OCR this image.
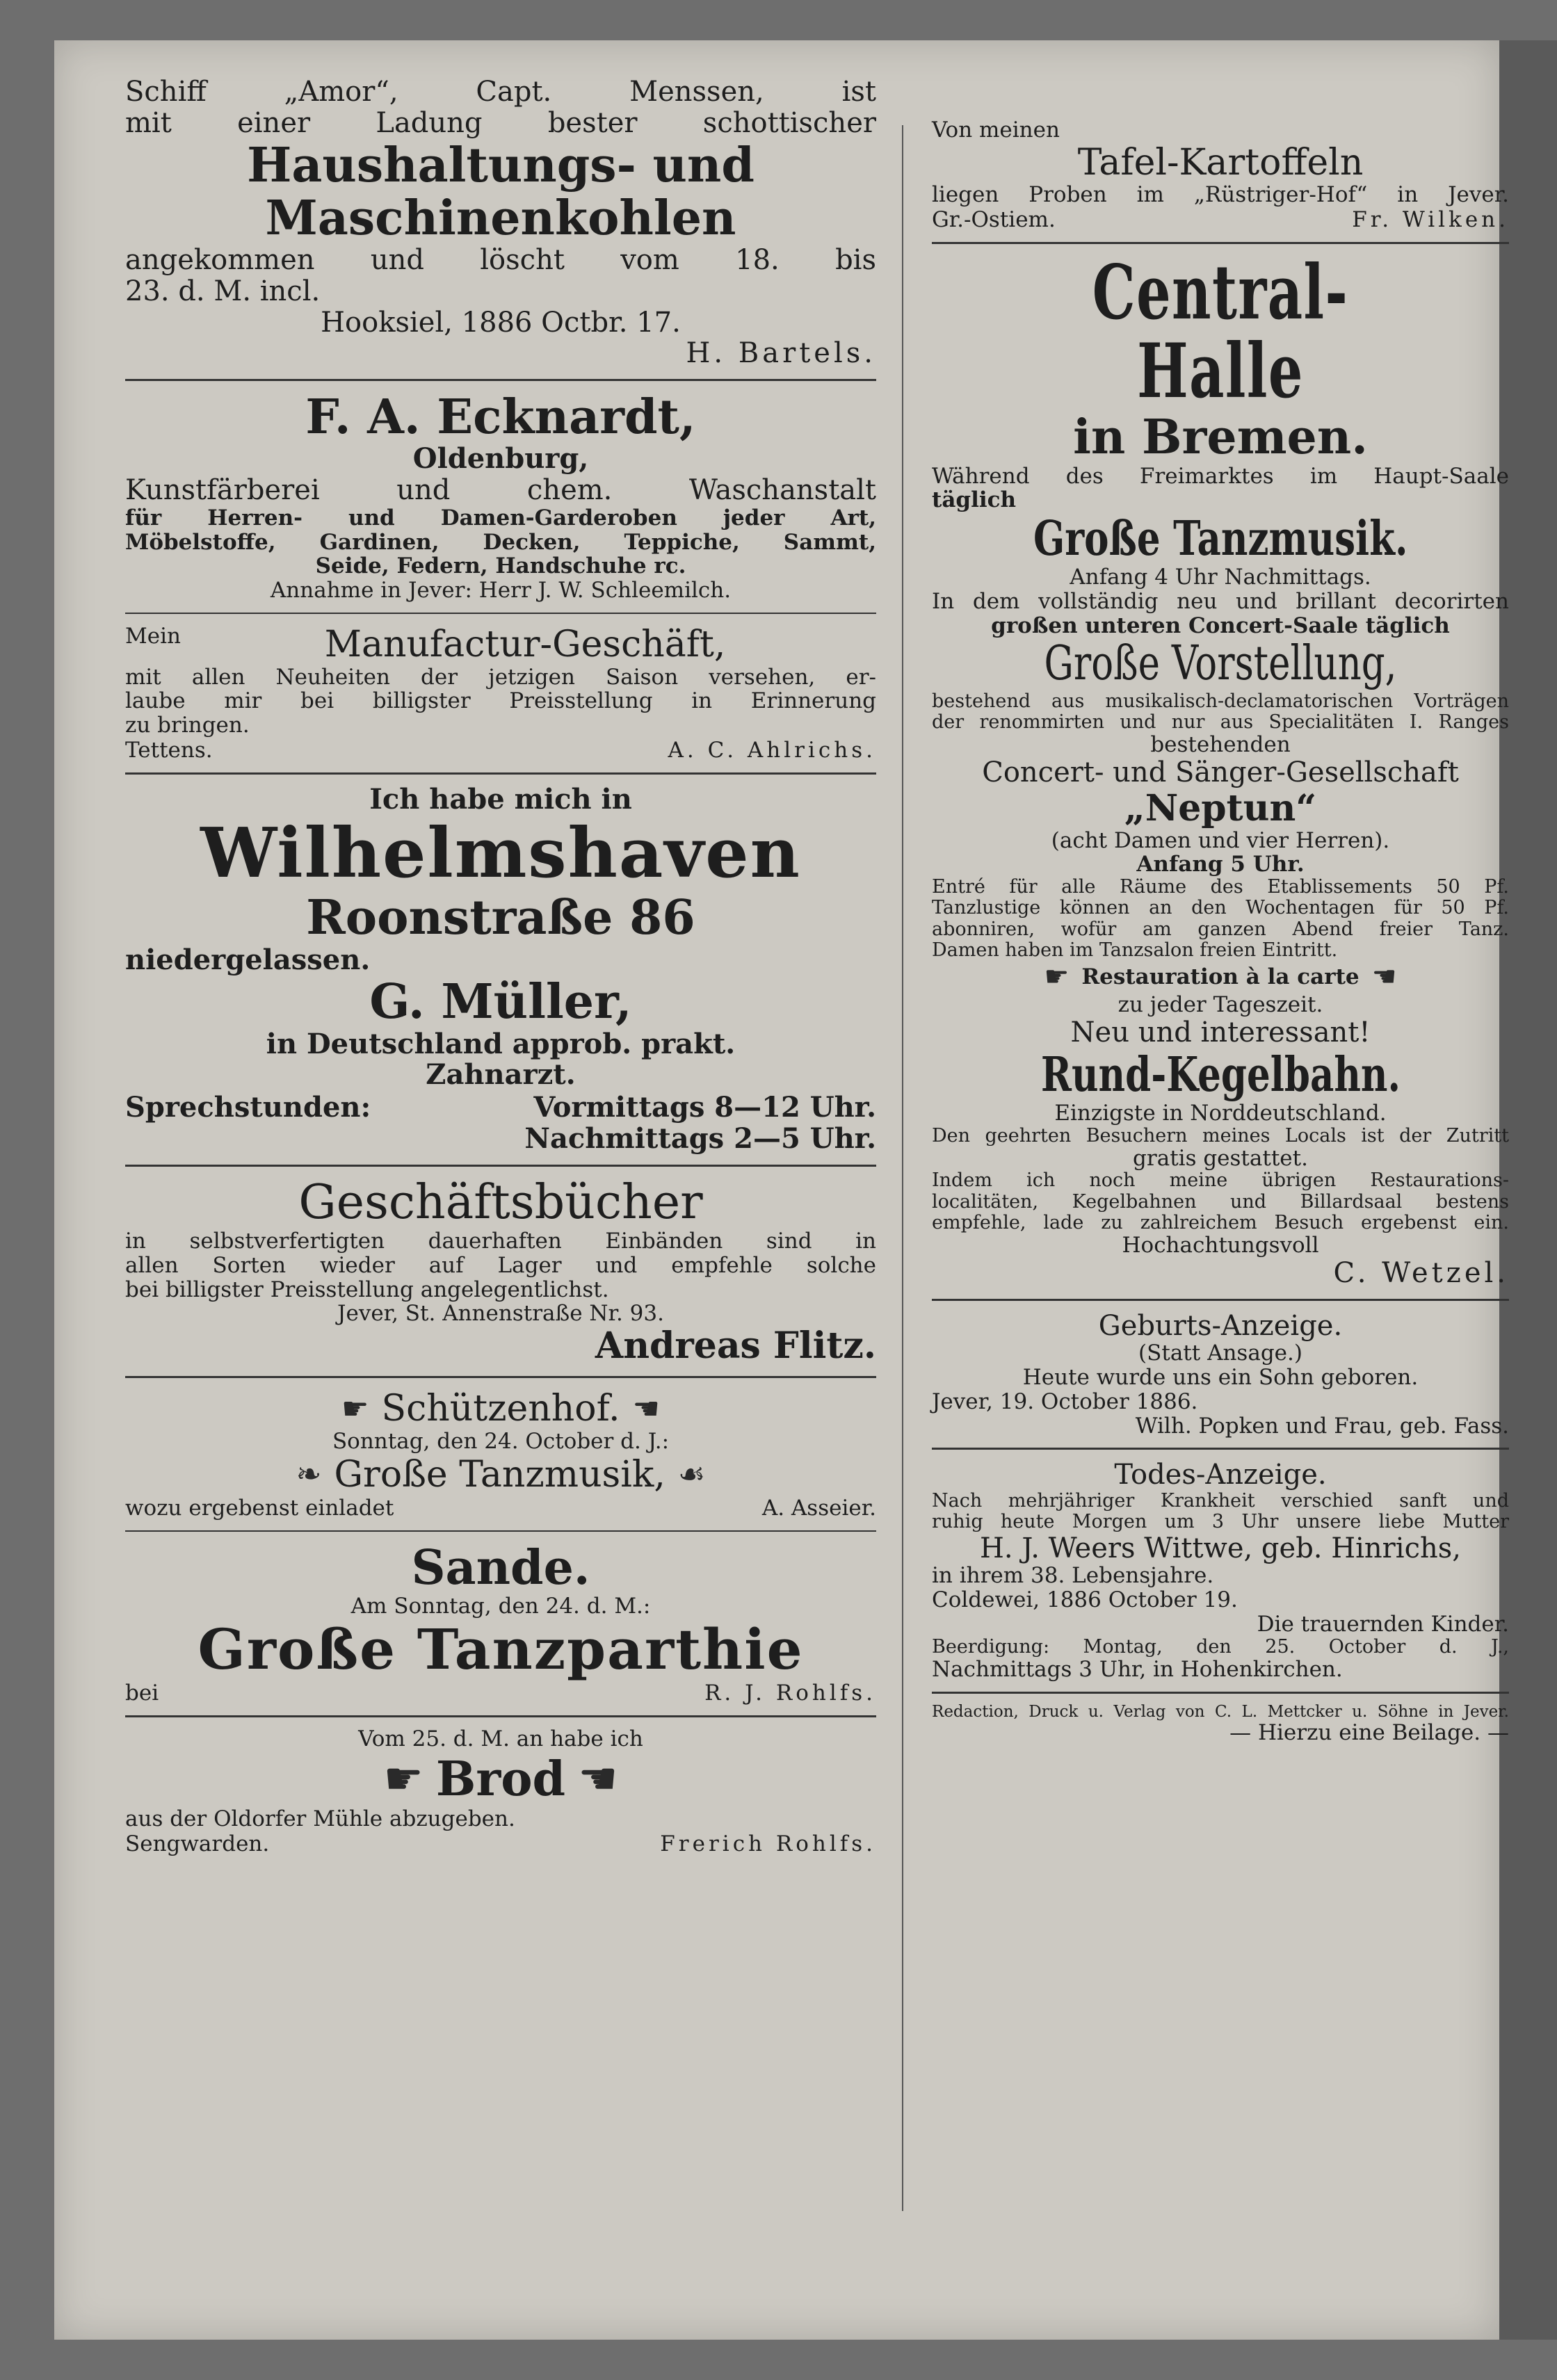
Schiff „Amor“, Capt. Menssen, ist

mit einer Ladung bester schottischer

Haushaltungs- und

Maschinenkohlen

angekommen und löscht vom 18. bis

23. d. M. incl.

Hooksiel, 1886 Octbr. 17.

H. Bartels.

F. A. Ecknardt,

Oldenburg,

Kunstfärberei und chem. Waschanstalt

für Herren- und Damen-Garderoben jeder Art,

Möbelstoffe, Gardinen, Decken, Teppiche, Sammt,

Seide, Federn, Handschuhe rc.

Annahme in Jever: Herr J. W. Schleemilch.

Mein	Manufactur-Geschäft,

mit allen Neuheiten der jetzigen Saison versehen, er-

laube mir bei billigster Preisstellung in Erinnerung

zu bringen.

Tettens.	A. C. Ahlrichs.

Ich habe mich in

Wilhelmshaven

Roonstraße 86

niedergelassen.

G. Müller,

in Deutschland approb. prakt.

Zahnarzt.

Sprechstunden:	Vormittags 8—12 Uhr.

Nachmittags 2—5 Uhr.

Geschäftsbücher

in selbstverfertigten dauerhaften Einbänden sind in

allen Sorten wieder auf Lager und empfehle solche

bei billigster Preisstellung angelegentlichst.

Jever, St. Annenstraße Nr. 93.

Andreas Flitz.

☛ Schützenhof. ☚

Sonntag, den 24. October d. J.:

❧ Große Tanzmusik, ☙
wozu ergebenst einladet	A. Asseier.

Sande.

Am Sonntag, den 24. d. M.:

Große Tanzparthie

bei	R. J. Rohlfs.

Vom 25. d. M. an habe ich

☛ Brod ☚

aus der Oldorfer Mühle abzugeben.

Sengwarden.	Frerich Rohlfs.

Von meinen

Tafel-Kartoffeln

liegen Proben im „Rüstriger-Hof“ in Jever.

Gr.-Ostiem.	Fr. Wilken.

Central-Halle

in Bremen.

Während des Freimarktes im Haupt-Saale

täglich

Große Tanzmusik.

Anfang 4 Uhr Nachmittags.

In dem vollständig neu und brillant decorirten

großen unteren Concert-Saale täglich

Große Vorstellung,

bestehend aus musikalisch-declamatorischen Vorträgen

der renommirten und nur aus Specialitäten I. Ranges

bestehenden

Concert- und Sänger-Gesellschaft

„Neptun“

(acht Damen und vier Herren).

Anfang 5 Uhr.

Entré für alle Räume des Etablissements 50 Pf.

Tanzlustige können an den Wochentagen für 50 Pf.

abonniren, wofür am ganzen Abend freier Tanz.

Damen haben im Tanzsalon freien Eintritt.

☛ Restauration à la carte ☚

zu jeder Tageszeit.

Neu und interessant!

Rund-Kegelbahn.

Einzigste in Norddeutschland.

Den geehrten Besuchern meines Locals ist der Zutritt

gratis gestattet.

Indem ich noch meine übrigen Restaurations-

localitäten, Kegelbahnen und Billardsaal bestens

empfehle, lade zu zahlreichem Besuch ergebenst ein.

Hochachtungsvoll

C. Wetzel.

Geburts-Anzeige.

(Statt Ansage.)

Heute wurde uns ein Sohn geboren.

Jever, 19. October 1886.

Wilh. Popken und Frau, geb. Fass.

Todes-Anzeige.

Nach mehrjähriger Krankheit verschied sanft und

ruhig heute Morgen um 3 Uhr unsere liebe Mutter

H. J. Weers Wittwe, geb. Hinrichs,

in ihrem 38. Lebensjahre.

Coldewei, 1886 October 19.

Die trauernden Kinder.

Beerdigung: Montag, den 25. October d. J.,

Nachmittags 3 Uhr, in Hohenkirchen.

Redaction, Druck u. Verlag von C. L. Mettcker u. Söhne in Jever.

— Hierzu eine Beilage. —
